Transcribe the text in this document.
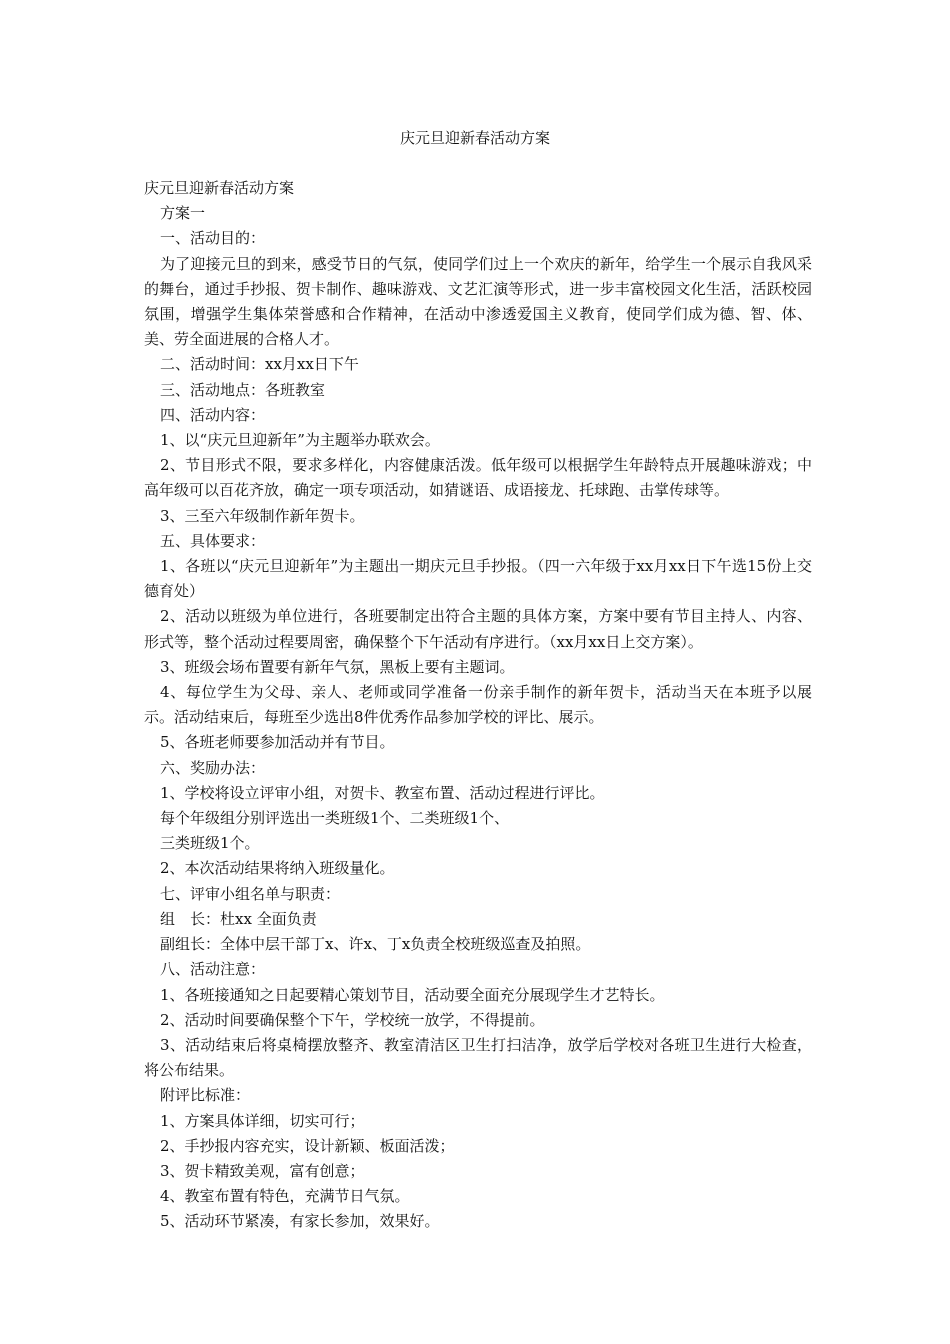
庆元旦迎新春活动方案

庆元旦迎新春活动方案

方案一

一、活动目的：

为了迎接元旦的到来，感受节日的气氛，使同学们过上一个欢庆的新年，给学生一个展示自我风采的舞台，通过手抄报、贺卡制作、趣味游戏、文艺汇演等形式，进一步丰富校园文化生活，活跃校园氛围，增强学生集体荣誉感和合作精神，在活动中渗透爱国主义教育，使同学们成为德、智、体、美、劳全面进展的合格人才。

二、活动时间：xx月xx日下午

三、活动地点：各班教室

四、活动内容：

1、以“庆元旦迎新年”为主题举办联欢会。

2、节目形式不限，要求多样化，内容健康活泼。低年级可以根据学生年龄特点开展趣味游戏；中高年级可以百花齐放，确定一项专项活动，如猜谜语、成语接龙、托球跑、击掌传球等。

3、三至六年级制作新年贺卡。

五、具体要求：

1、各班以“庆元旦迎新年”为主题出一期庆元旦手抄报。（四一六年级于xx月xx日下午选15份上交德育处）

2、活动以班级为单位进行，各班要制定出符合主题的具体方案，方案中要有节目主持人、内容、形式等，整个活动过程要周密，确保整个下午活动有序进行。（xx月xx日上交方案）。

3、班级会场布置要有新年气氛，黑板上要有主题词。

4、每位学生为父母、亲人、老师或同学准备一份亲手制作的新年贺卡，活动当天在本班予以展示。活动结束后，每班至少选出8件优秀作品参加学校的评比、展示。

5、各班老师要参加活动并有节目。

六、奖励办法：

1、学校将设立评审小组，对贺卡、教室布置、活动过程进行评比。

每个年级组分别评选出一类班级1个、二类班级1个、

三类班级1个。

2、本次活动结果将纳入班级量化。

七、评审小组名单与职责：

组　长：杜xx 全面负责

副组长：全体中层干部丁x、许x、丁x负责全校班级巡查及拍照。

八、活动注意：

1、各班接通知之日起要精心策划节目，活动要全面充分展现学生才艺特长。

2、活动时间要确保整个下午，学校统一放学，不得提前。

3、活动结束后将桌椅摆放整齐、教室清洁区卫生打扫洁净，放学后学校对各班卫生进行大检查，将公布结果。

附评比标准：

1、方案具体详细，切实可行；

2、手抄报内容充实，设计新颖、板面活泼；

3、贺卡精致美观，富有创意；

4、教室布置有特色，充满节日气氛。

5、活动环节紧凑，有家长参加，效果好。
